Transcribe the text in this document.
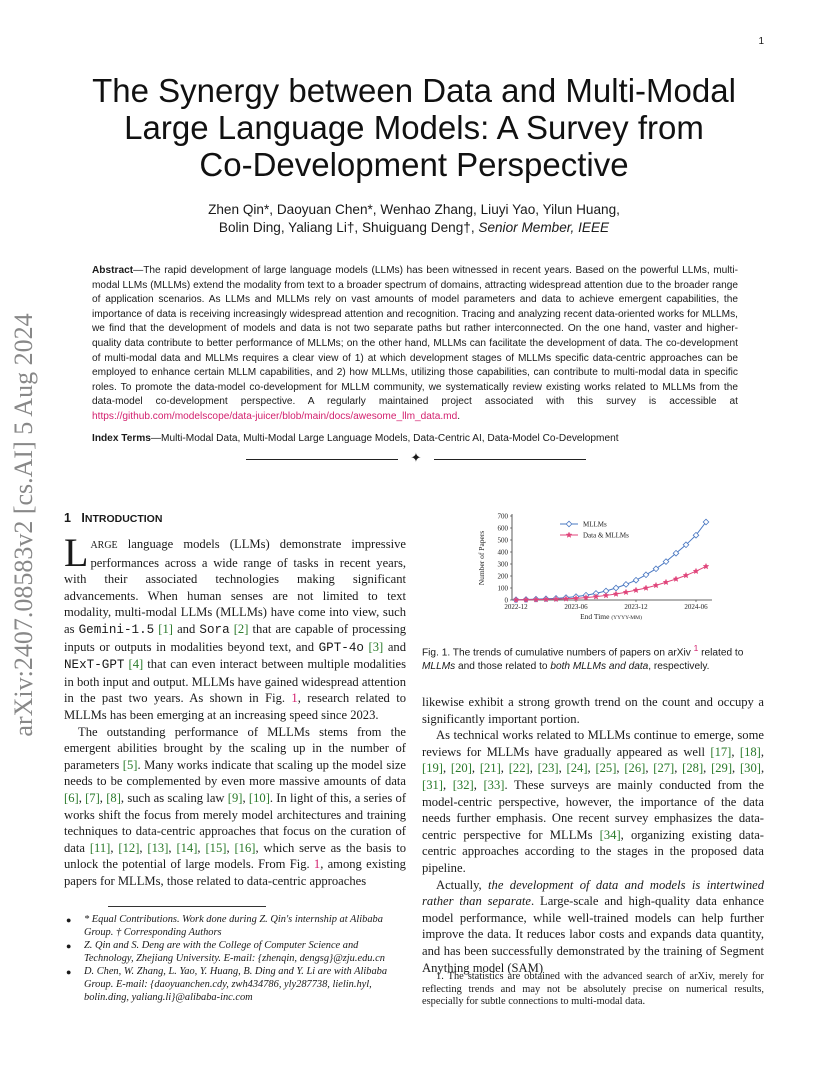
1
arXiv:2407.08583v2 [cs.AI] 5 Aug 2024
The Synergy between Data and Multi-Modal
Large Language Models: A Survey from
Co-Development Perspective
Zhen Qin*, Daoyuan Chen*, Wenhao Zhang, Liuyi Yao, Yilun Huang,
Bolin Ding, Yaliang Li†, Shuiguang Deng†, Senior Member, IEEE
Abstract—The rapid development of large language models (LLMs) has been witnessed in recent years. Based on the powerful LLMs, multi-modal LLMs (MLLMs) extend the modality from text to a broader spectrum of domains, attracting widespread attention due to the broader range of application scenarios. As LLMs and MLLMs rely on vast amounts of model parameters and data to achieve emergent capabilities, the importance of data is receiving increasingly widespread attention and recognition. Tracing and analyzing recent data-oriented works for MLLMs, we find that the development of models and data is not two separate paths but rather interconnected. On the one hand, vaster and higher-quality data contribute to better performance of MLLMs; on the other hand, MLLMs can facilitate the development of data. The co-development of multi-modal data and MLLMs requires a clear view of 1) at which development stages of MLLMs specific data-centric approaches can be employed to enhance certain MLLM capabilities, and 2) how MLLMs, utilizing those capabilities, can contribute to multi-modal data in specific roles. To promote the data-model co-development for MLLM community, we systematically review existing works related to MLLMs from the data-model co-development perspective. A regularly maintained project associated with this survey is accessible at https://github.com/modelscope/data-juicer/blob/main/docs/awesome_llm_data.md.
Index Terms—Multi-Modal Data, Multi-Modal Large Language Models, Data-Centric AI, Data-Model Co-Development
✦
1 INTRODUCTION

LARGE language models (LLMs) demonstrate impressive performances across a wide range of tasks in recent years, with their associated technologies making significant advancements. When human senses are not limited to text modality, multi-modal LLMs (MLLMs) have come into view, such as Gemini-1.5 [1] and Sora [2] that are capable of processing inputs or outputs in modalities beyond text, and GPT-4o [3] and NExT-GPT [4] that can even interact between multiple modalities in both input and output. MLLMs have gained widespread attention in the past two years. As shown in Fig. 1, research related to MLLMs has been emerging at an increasing speed since 2023.

The outstanding performance of MLLMs stems from the emergent abilities brought by the scaling up in the number of parameters [5]. Many works indicate that scaling up the model size needs to be complemented by even more massive amounts of data [6], [7], [8], such as scaling law [9], [10]. In light of this, a series of works shift the focus from merely model architectures and training techniques to data-centric approaches that focus on the curation of data [11], [12], [13], [14], [15], [16], which serve as the basis to unlock the potential of large models. From Fig. 1, among existing papers for MLLMs, those related to data-centric approaches

● * Equal Contributions. Work done during Z. Qin's internship at Alibaba Group. † Corresponding Authors
● Z. Qin and S. Deng are with the College of Computer Science and Technology, Zhejiang University. E-mail: {zhenqin, dengsg}@zju.edu.cn
● D. Chen, W. Zhang, L. Yao, Y. Huang, B. Ding and Y. Li are with Alibaba Group. E-mail: {daoyuanchen.cdy, zwh434786, yly287738, lielin.hyl, bolin.ding, yaliang.li}@alibaba-inc.com
0
100
200
300
400
500
600
700
2022-12	2023-06	2023-12	2024-06
End Time (YYYY-MM)
Number of Papers
MLLMs
Data & MLLMs
Fig. 1. The trends of cumulative numbers of papers on arXiv $^1$ related to MLLMs and those related to both MLLMs and data, respectively.

likewise exhibit a strong growth trend on the count and occupy a significantly important portion.

As technical works related to MLLMs continue to emerge, some reviews for MLLMs have gradually appeared as well [17], [18], [19], [20], [21], [22], [23], [24], [25], [26], [27], [28], [29], [30], [31], [32], [33]. These surveys are mainly conducted from the model-centric perspective, however, the importance of the data needs further emphasis. One recent survey emphasizes the data-centric perspective for MLLMs [34], organizing existing data-centric approaches according to the stages in the proposed data pipeline.

Actually, the development of data and models is intertwined rather than separate. Large-scale and high-quality data enhance model performance, while well-trained models can help further improve the data. It reduces labor costs and expands data quantity, and has been successfully demonstrated by the training of Segment Anything model (SAM)

1. The statistics are obtained with the advanced search of arXiv, merely for reflecting trends and may not be absolutely precise on numerical results, especially for subtle connections to multi-modal data.
